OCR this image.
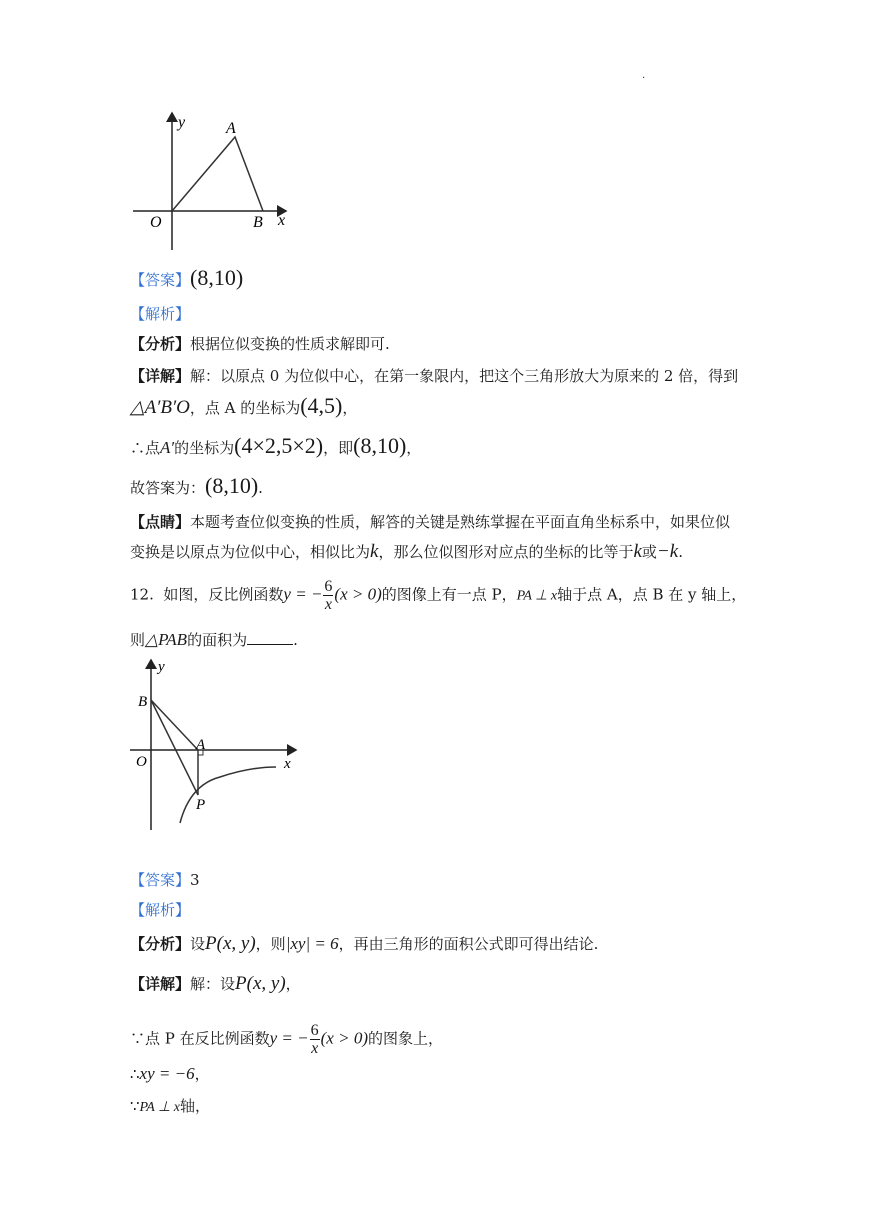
.
y	A
O	B x
【答案】(8,10)
【解析】
【分析】根据位似变换的性质求解即可.
【详解】解：以原点 0 为位似中心，在第一象限内，把这个三角形放大为原来的 2 倍，得到
△A′B′O，点 A 的坐标为(4,5)，
∴点A′的坐标为(4×2,5×2)，即(8,10)，
故答案为：(8,10).
【点睛】本题考查位似变换的性质，解答的关键是熟练掌握在平面直角坐标系中，如果位似
变换是以原点为位似中心，相似比为k，那么位似图形对应点的坐标的比等于k或−k.
12. 如图，反比例函数y = − $\frac{6}{x} (x > 0)$的图像上有一点 P，PA ⊥ x轴于点 A，点 B 在 y 轴上，
则△PAB的面积为	.
y
B
A
O	x
P
【答案】3
【解析】
【分析】设P(x, y)，则|xy| = 6，再由三角形的面积公式即可得出结论.
【详解】解：设P(x, y)，
∵点 P 在反比例函数y = − $\frac{6}{x} (x > 0)$的图象上，
∴xy = −6，
∵PA ⊥ x轴，
